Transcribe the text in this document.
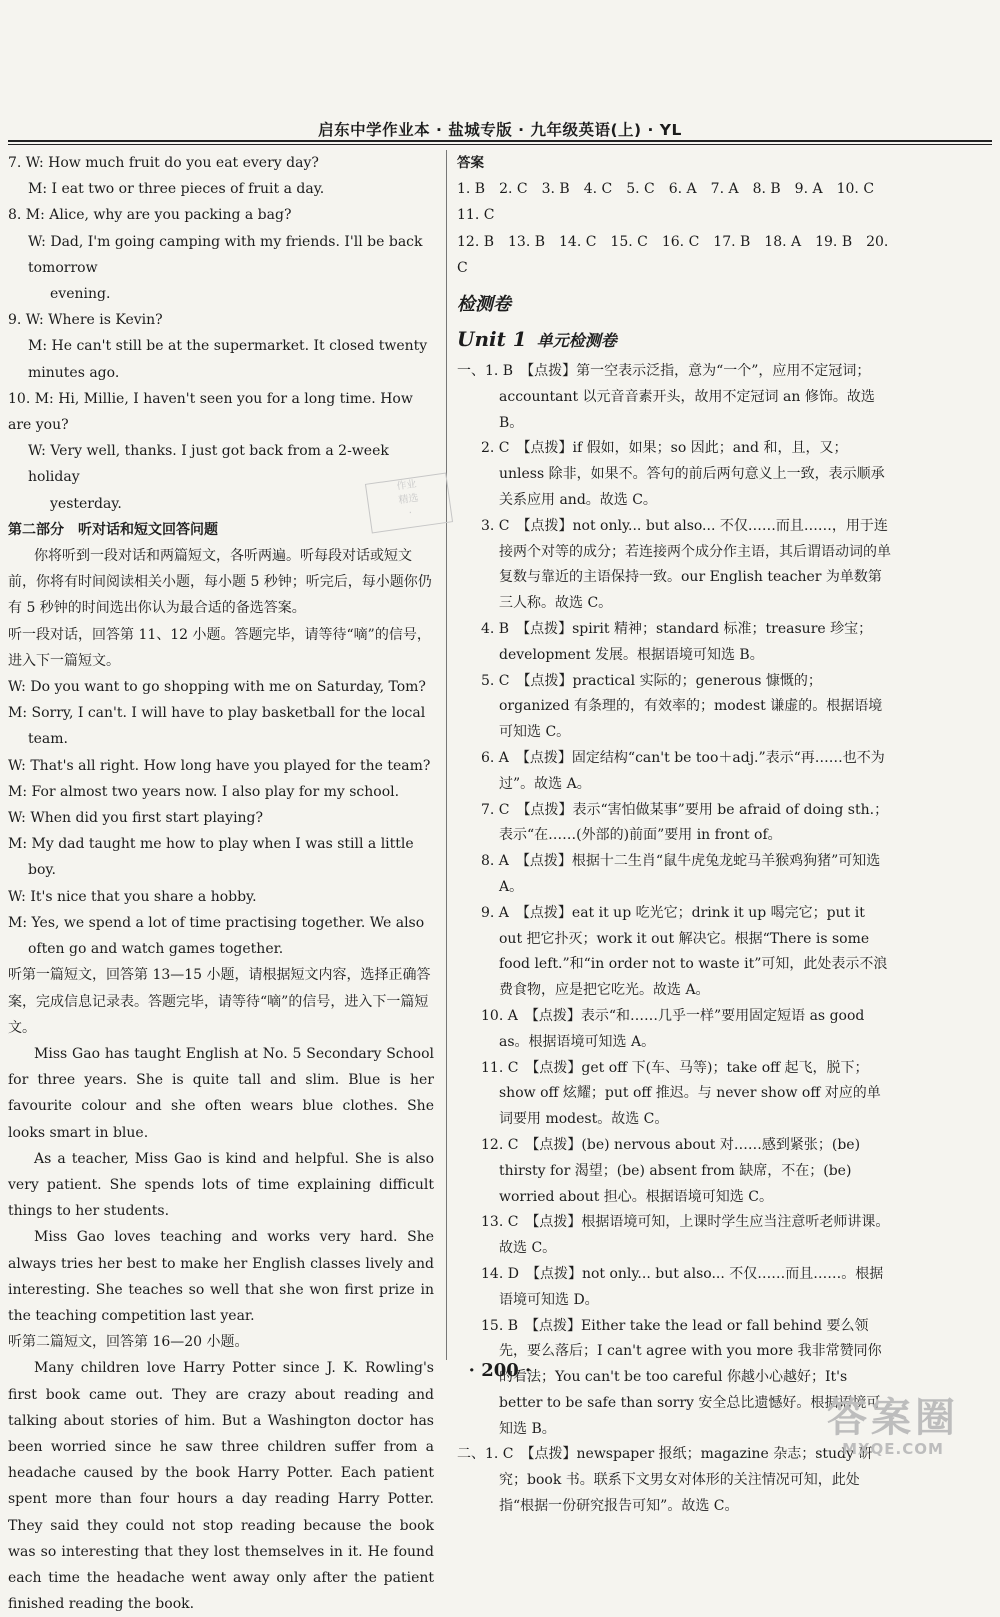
启东中学作业本 · 盐城专版 · 九年级英语(上) · YL

7. W: How much fruit do you eat every day?

M: I eat two or three pieces of fruit a day.

8. M: Alice, why are you packing a bag?

W: Dad, I'm going camping with my friends. I'll be back tomorrow

evening.

9. W: Where is Kevin?

M: He can't still be at the supermarket. It closed twenty minutes ago.

10. M: Hi, Millie, I haven't seen you for a long time. How are you?

W: Very well, thanks. I just got back from a 2-week holiday

yesterday.

第二部分　听对话和短文回答问题

你将听到一段对话和两篇短文，各听两遍。听每段对话或短文前，你将有时间阅读相关小题，每小题 5 秒钟；听完后，每小题你仍有 5 秒钟的时间选出你认为最合适的备选答案。

听一段对话，回答第 11、12 小题。答题完毕，请等待“嘀”的信号，进入下一篇短文。

W: Do you want to go shopping with me on Saturday, Tom?

M: Sorry, I can't. I will have to play basketball for the local team.

W: That's all right. How long have you played for the team?

M: For almost two years now. I also play for my school.

W: When did you first start playing?

M: My dad taught me how to play when I was still a little boy.

W: It's nice that you share a hobby.

M: Yes, we spend a lot of time practising together. We also often go and watch games together.

听第一篇短文，回答第 13—15 小题，请根据短文内容，选择正确答案，完成信息记录表。答题完毕，请等待“嘀”的信号，进入下一篇短文。

Miss Gao has taught English at No. 5 Secondary School for three years. She is quite tall and slim. Blue is her favourite colour and she often wears blue clothes. She looks smart in blue.

As a teacher, Miss Gao is kind and helpful. She is also very patient. She spends lots of time explaining difficult things to her students.

Miss Gao loves teaching and works very hard. She always tries her best to make her English classes lively and interesting. She teaches so well that she won first prize in the teaching competition last year.

听第二篇短文，回答第 16—20 小题。

Many children love Harry Potter since J. K. Rowling's first book came out. They are crazy about reading and talking about stories of him. But a Washington doctor has been worried since he saw three children suffer from a headache caused by the book Harry Potter. Each patient spent more than four hours a day reading Harry Potter. They said they could not stop reading because the book was so interesting that they lost themselves in it. He found each time the headache went away only after the patient finished reading the book.

作业
精选
·

答案

1. B　2. C　3. B　4. C　5. C　6. A　7. A　8. B　9. A　10. C　11. C

12. B　13. B　14. C　15. C　16. C　17. B　18. A　19. B　20. C

检测卷

Unit 1 单元检测卷

一、1. B　【点拨】第一空表示泛指，意为“一个”，应用不定冠词；accountant 以元音音素开头，故用不定冠词 an 修饰。故选 B。

2. C　【点拨】if 假如，如果；so 因此；and 和，且，又；unless 除非，如果不。答句的前后两句意义上一致，表示顺承关系应用 and。故选 C。

3. C　【点拨】not only... but also... 不仅……而且……，用于连接两个对等的成分；若连接两个成分作主语，其后谓语动词的单复数与靠近的主语保持一致。our English teacher 为单数第三人称。故选 C。

4. B　【点拨】spirit 精神；standard 标准；treasure 珍宝；development 发展。根据语境可知选 B。

5. C　【点拨】practical 实际的；generous 慷慨的；organized 有条理的，有效率的；modest 谦虚的。根据语境可知选 C。

6. A　【点拨】固定结构“can't be too＋adj.”表示“再……也不为过”。故选 A。

7. C　【点拨】表示“害怕做某事”要用 be afraid of doing sth.；表示“在……(外部的)前面”要用 in front of。

8. A　【点拨】根据十二生肖“鼠牛虎兔龙蛇马羊猴鸡狗猪”可知选 A。

9. A　【点拨】eat it up 吃光它；drink it up 喝完它；put it out 把它扑灭；work it out 解决它。根据“There is some food left.”和“in order not to waste it”可知，此处表示不浪费食物，应是把它吃光。故选 A。

10. A　【点拨】表示“和……几乎一样”要用固定短语 as good as。根据语境可知选 A。

11. C　【点拨】get off 下(车、马等)；take off 起飞，脱下；show off 炫耀；put off 推迟。与 never show off 对应的单词要用 modest。故选 C。

12. C　【点拨】(be) nervous about 对……感到紧张；(be) thirsty for 渴望；(be) absent from 缺席，不在；(be) worried about 担心。根据语境可知选 C。

13. C　【点拨】根据语境可知，上课时学生应当注意听老师讲课。故选 C。

14. D　【点拨】not only... but also... 不仅……而且……。根据语境可知选 D。

15. B　【点拨】Either take the lead or fall behind 要么领先，要么落后；I can't agree with you more 我非常赞同你的看法；You can't be too careful 你越小心越好；It's better to be safe than sorry 安全总比遗憾好。根据语境可知选 B。

二、1. C　【点拨】newspaper 报纸；magazine 杂志；study 研究；book 书。联系下文男女对体形的关注情况可知，此处指“根据一份研究报告可知”。故选 C。

· 200 ·
答案圈
MXQE.COM
